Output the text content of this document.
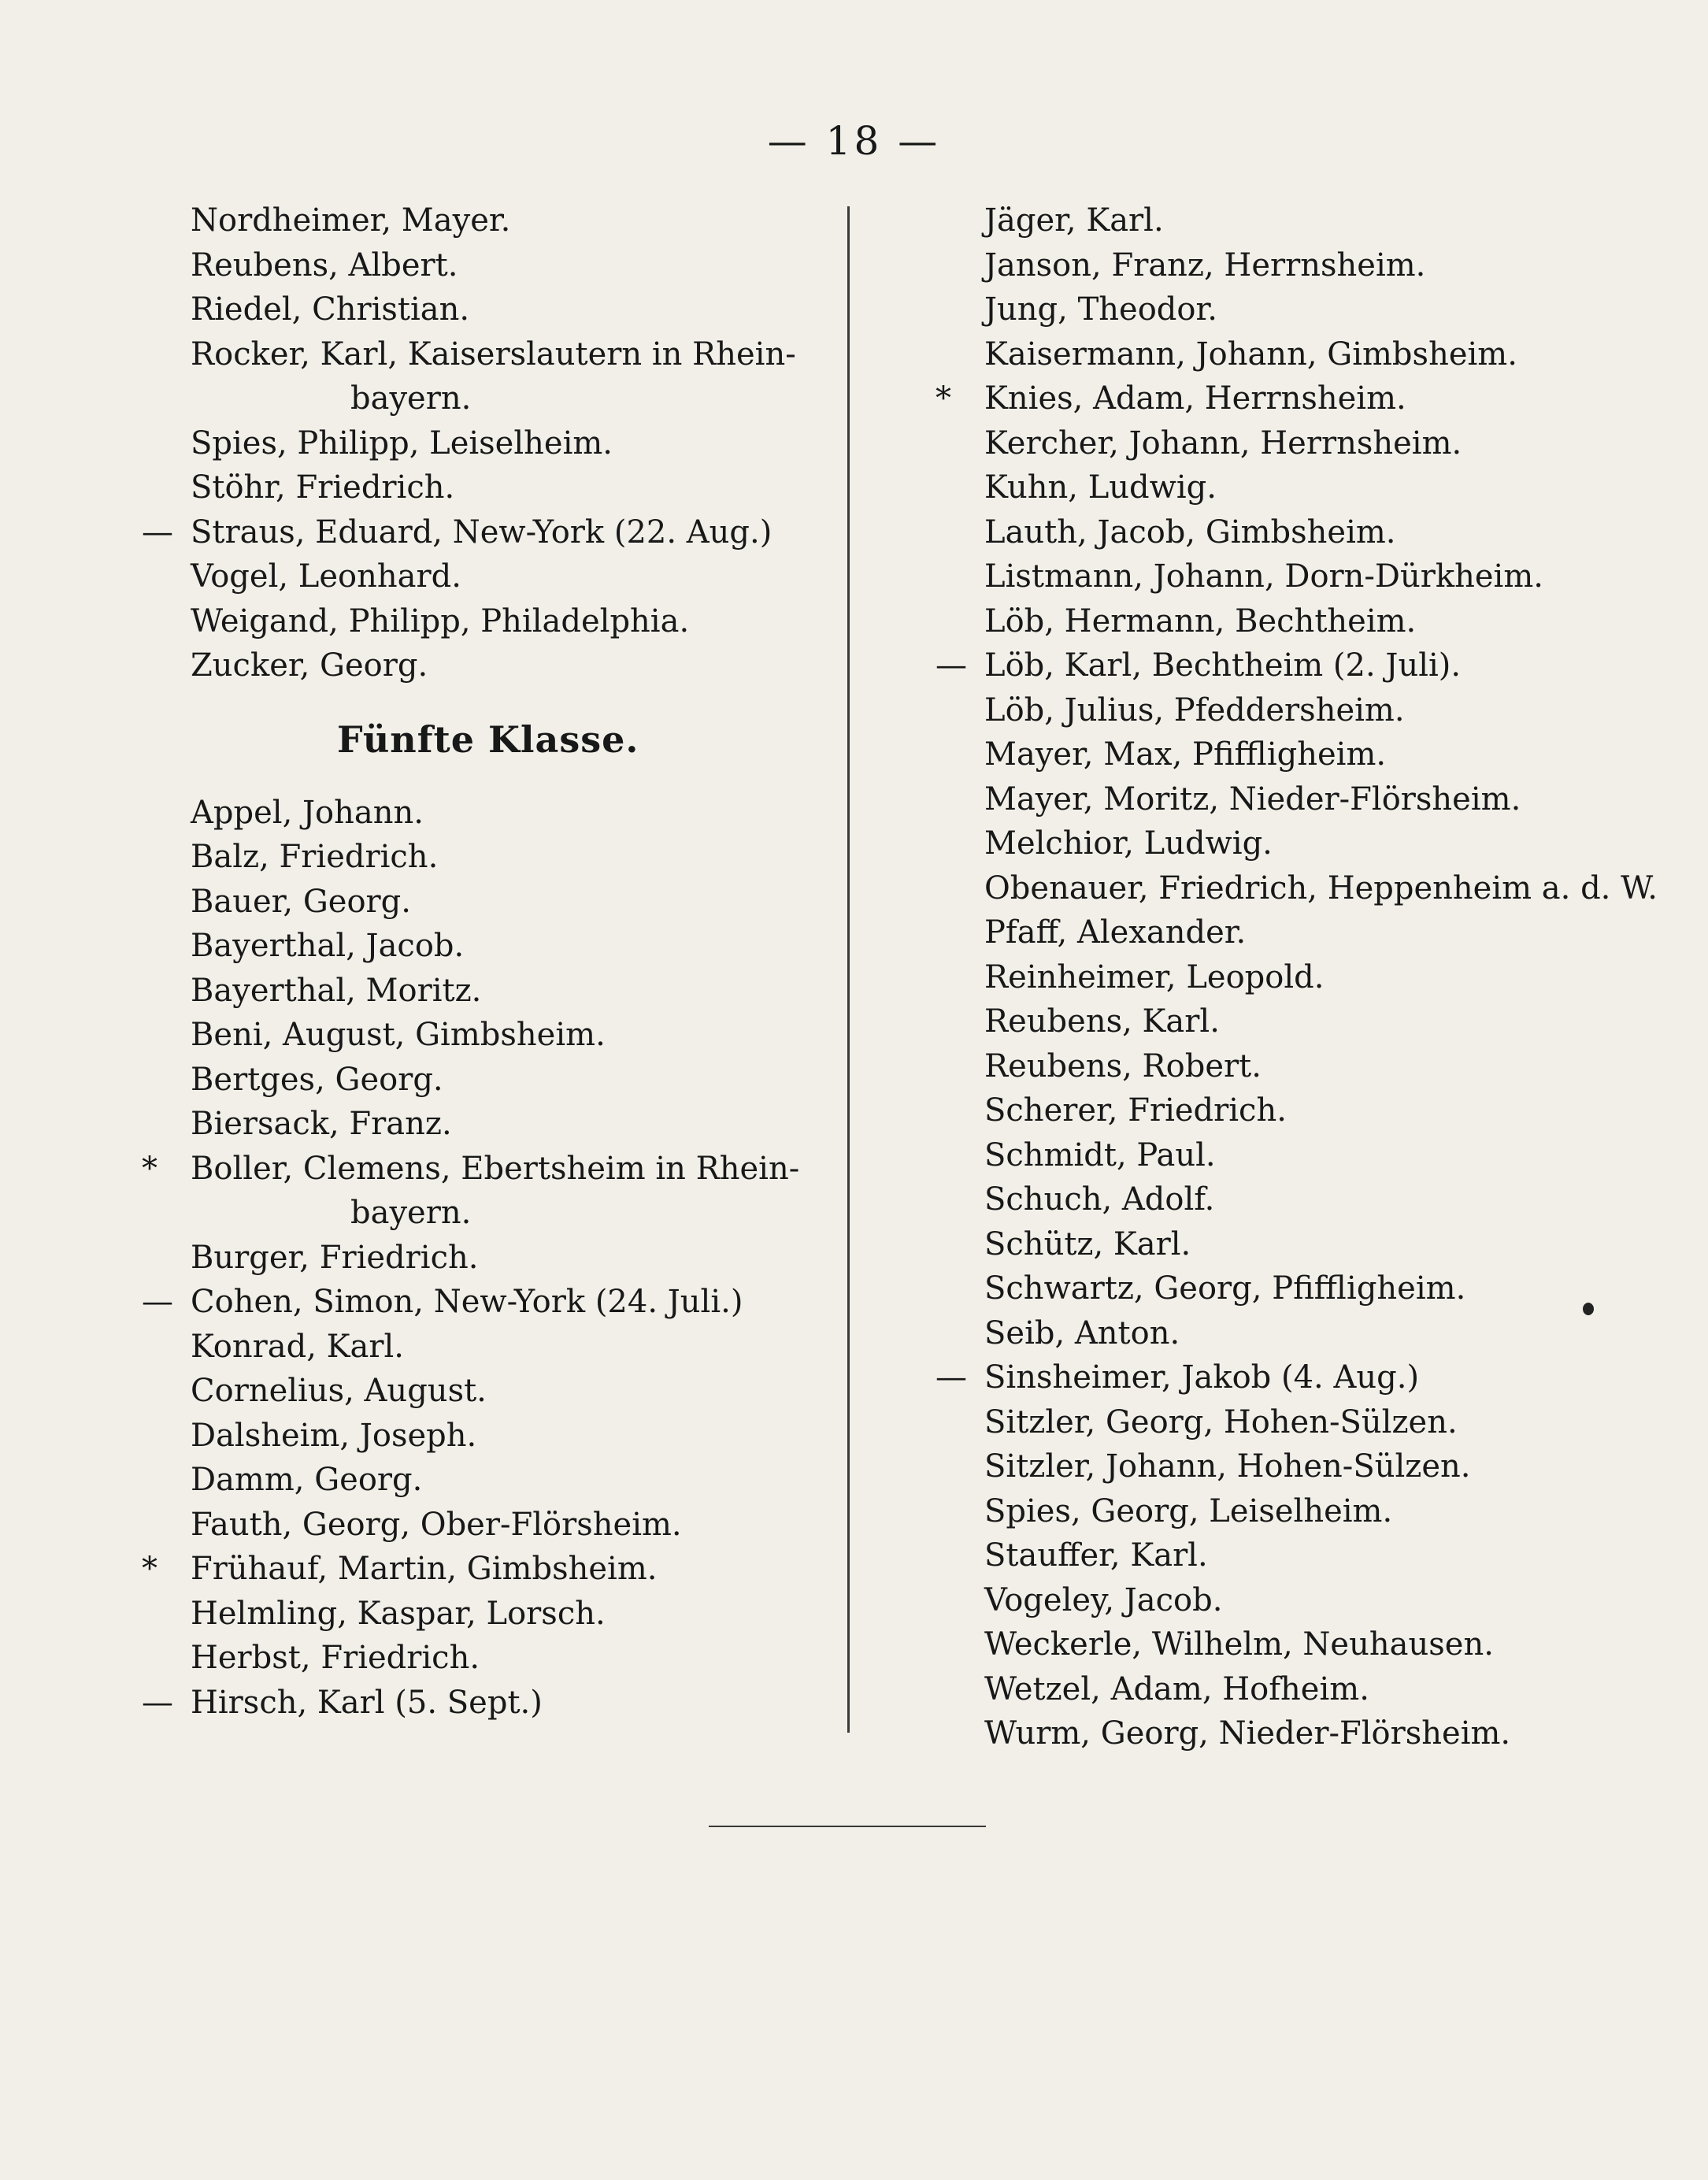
— 18 —
Nordheimer, Mayer.
Reubens, Albert.
Riedel, Christian.
Rocker, Karl, Kaiserslautern in Rhein-
bayern.
Spies, Philipp, Leiselheim.
Stöhr, Friedrich.
— Straus, Eduard, New-York (22. Aug.)
Vogel, Leonhard.
Weigand, Philipp, Philadelphia.
Zucker, Georg.
Fünfte Klasse.
Appel, Johann.
Balz, Friedrich.
Bauer, Georg.
Bayerthal, Jacob.
Bayerthal, Moritz.
Beni, August, Gimbsheim.
Bertges, Georg.
Biersack, Franz.
*	Boller, Clemens, Ebertsheim in Rhein-
bayern.
Burger, Friedrich.
— Cohen, Simon, New-York (24. Juli.)
Konrad, Karl.
Cornelius, August.
Dalsheim, Joseph.
Damm, Georg.
Fauth, Georg, Ober-Flörsheim.
*	Frühauf, Martin, Gimbsheim.
Helmling, Kaspar, Lorsch.
Herbst, Friedrich.
— Hirsch, Karl (5. Sept.)
Jäger, Karl.
Janson, Franz, Herrnsheim.
Jung, Theodor.
Kaisermann, Johann, Gimbsheim.
*	Knies, Adam, Herrnsheim.
Kercher, Johann, Herrnsheim.
Kuhn, Ludwig.
Lauth, Jacob, Gimbsheim.
Listmann, Johann, Dorn-Dürkheim.
Löb, Hermann, Bechtheim.
— Löb, Karl, Bechtheim (2. Juli).
Löb, Julius, Pfeddersheim.
Mayer, Max, Pfiffligheim.
Mayer, Moritz, Nieder-Flörsheim.
Melchior, Ludwig.
Obenauer, Friedrich, Heppenheim a. d. W.
Pfaff, Alexander.
Reinheimer, Leopold.
Reubens, Karl.
Reubens, Robert.
Scherer, Friedrich.
Schmidt, Paul.
Schuch, Adolf.
Schütz, Karl.
Schwartz, Georg, Pfiffligheim.
Seib, Anton.
— Sinsheimer, Jakob (4. Aug.)
Sitzler, Georg, Hohen-Sülzen.
Sitzler, Johann, Hohen-Sülzen.
Spies, Georg, Leiselheim.
Stauffer, Karl.
Vogeley, Jacob.
Weckerle, Wilhelm, Neuhausen.
Wetzel, Adam, Hofheim.
Wurm, Georg, Nieder-Flörsheim.
